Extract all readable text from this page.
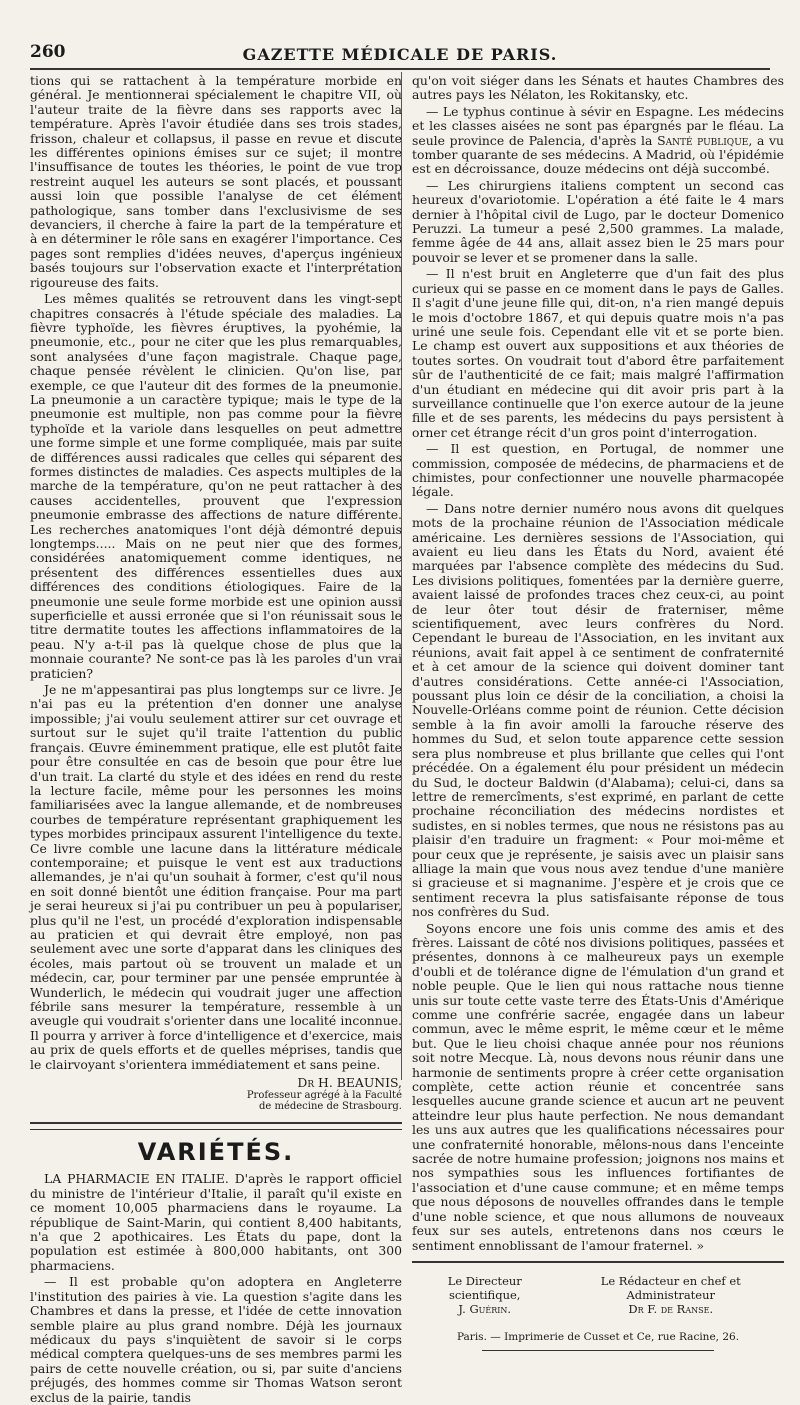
260	GAZETTE MÉDICALE DE PARIS.

tions qui se rattachent à la température morbide en général. Je mentionnerai spécialement le chapitre VII, où l'auteur traite de la fièvre dans ses rapports avec la température. Après l'avoir étudiée dans ses trois stades, frisson, chaleur et collapsus, il passe en revue et discute les différentes opinions émises sur ce sujet; il montre l'insuffisance de toutes les théories, le point de vue trop restreint auquel les auteurs se sont placés, et poussant aussi loin que possible l'analyse de cet élément pathologique, sans tomber dans l'exclusivisme de ses devanciers, il cherche à faire la part de la température et à en déterminer le rôle sans en exagérer l'importance. Ces pages sont remplies d'idées neuves, d'aperçus ingénieux basés toujours sur l'observation exacte et l'interprétation rigoureuse des faits.

Les mêmes qualités se retrouvent dans les vingt-sept chapitres consacrés à l'étude spéciale des maladies. La fièvre typhoïde, les fièvres éruptives, la pyohémie, la pneumonie, etc., pour ne citer que les plus remarquables, sont analysées d'une façon magistrale. Chaque page, chaque pensée révèlent le clinicien. Qu'on lise, par exemple, ce que l'auteur dit des formes de la pneumonie. La pneumonie a un caractère typique; mais le type de la pneumonie est multiple, non pas comme pour la fièvre typhoïde et la variole dans lesquelles on peut admettre une forme simple et une forme compliquée, mais par suite de différences aussi radicales que celles qui séparent des formes distinctes de maladies. Ces aspects multiples de la marche de la température, qu'on ne peut rattacher à des causes accidentelles, prouvent que l'expression pneumonie embrasse des affections de nature différente. Les recherches anatomiques l'ont déjà démontré depuis longtemps..... Mais on ne peut nier que des formes, considérées anatomiquement comme identiques, ne présentent des différences essentielles dues aux différences des conditions étiologiques. Faire de la pneumonie une seule forme morbide est une opinion aussi superficielle et aussi erronée que si l'on réunissait sous le titre dermatite toutes les affections inflammatoires de la peau. N'y a-t-il pas là quelque chose de plus que la monnaie courante? Ne sont-ce pas là les paroles d'un vrai praticien?

Je ne m'appesantirai pas plus longtemps sur ce livre. Je n'ai pas eu la prétention d'en donner une analyse impossible; j'ai voulu seulement attirer sur cet ouvrage et surtout sur le sujet qu'il traite l'attention du public français. Œuvre éminemment pratique, elle est plutôt faite pour être consultée en cas de besoin que pour être lue d'un trait. La clarté du style et des idées en rend du reste la lecture facile, même pour les personnes les moins familiarisées avec la langue allemande, et de nombreuses courbes de température représentant graphiquement les types morbides principaux assurent l'intelligence du texte. Ce livre comble une lacune dans la littérature médicale contemporaine; et puisque le vent est aux traductions allemandes, je n'ai qu'un souhait à former, c'est qu'il nous en soit donné bientôt une édition française. Pour ma part je serai heureux si j'ai pu contribuer un peu à populariser, plus qu'il ne l'est, un procédé d'exploration indispensable au praticien et qui devrait être employé, non pas seulement avec une sorte d'apparat dans les cliniques des écoles, mais partout où se trouvent un malade et un médecin, car, pour terminer par une pensée empruntée à Wunderlich, le médecin qui voudrait juger une affection fébrile sans mesurer la température, ressemble à un aveugle qui voudrait s'orienter dans une localité inconnue. Il pourra y arriver à force d'intelligence et d'exercice, mais au prix de quels efforts et de quelles méprises, tandis que le clairvoyant s'orientera immédiatement et sans peine.

Dr H. BEAUNIS,
Professeur agrégé à la Faculté
de médecine de Strasbourg.
VARIÉTÉS.

LA PHARMACIE EN ITALIE. D'après le rapport officiel du ministre de l'intérieur d'Italie, il paraît qu'il existe en ce moment 10,005 pharmaciens dans le royaume. La république de Saint-Marin, qui contient 8,400 habitants, n'a que 2 apothicaires. Les États du pape, dont la population est estimée à 800,000 habitants, ont 300 pharmaciens.

— Il est probable qu'on adoptera en Angleterre l'institution des pairies à vie. La question s'agite dans les Chambres et dans la presse, et l'idée de cette innovation semble plaire au plus grand nombre. Déjà les journaux médicaux du pays s'inquiètent de savoir si le corps médical comptera quelques-uns de ses membres parmi les pairs de cette nouvelle création, ou si, par suite d'anciens préjugés, des hommes comme sir Thomas Watson seront exclus de la pairie, tandis

qu'on voit siéger dans les Sénats et hautes Chambres des autres pays les Nélaton, les Rokitansky, etc.

— Le typhus continue à sévir en Espagne. Les médecins et les classes aisées ne sont pas épargnés par le fléau. La seule province de Palencia, d'après la Santé publique, a vu tomber quarante de ses médecins. A Madrid, où l'épidémie est en décroissance, douze médecins ont déjà succombé.

— Les chirurgiens italiens comptent un second cas heureux d'ovariotomie. L'opération a été faite le 4 mars dernier à l'hôpital civil de Lugo, par le docteur Domenico Peruzzi. La tumeur a pesé 2,500 grammes. La malade, femme âgée de 44 ans, allait assez bien le 25 mars pour pouvoir se lever et se promener dans la salle.

— Il n'est bruit en Angleterre que d'un fait des plus curieux qui se passe en ce moment dans le pays de Galles. Il s'agit d'une jeune fille qui, dit-on, n'a rien mangé depuis le mois d'octobre 1867, et qui depuis quatre mois n'a pas uriné une seule fois. Cependant elle vit et se porte bien. Le champ est ouvert aux suppositions et aux théories de toutes sortes. On voudrait tout d'abord être parfaitement sûr de l'authenticité de ce fait; mais malgré l'affirmation d'un étudiant en médecine qui dit avoir pris part à la surveillance continuelle que l'on exerce autour de la jeune fille et de ses parents, les médecins du pays persistent à orner cet étrange récit d'un gros point d'interrogation.

— Il est question, en Portugal, de nommer une commission, composée de médecins, de pharmaciens et de chimistes, pour confectionner une nouvelle pharmacopée légale.

— Dans notre dernier numéro nous avons dit quelques mots de la prochaine réunion de l'Association médicale américaine. Les dernières sessions de l'Association, qui avaient eu lieu dans les États du Nord, avaient été marquées par l'absence complète des médecins du Sud. Les divisions politiques, fomentées par la dernière guerre, avaient laissé de profondes traces chez ceux-ci, au point de leur ôter tout désir de fraterniser, même scientifiquement, avec leurs confrères du Nord. Cependant le bureau de l'Association, en les invitant aux réunions, avait fait appel à ce sentiment de confraternité et à cet amour de la science qui doivent dominer tant d'autres considérations. Cette année-ci l'Association, poussant plus loin ce désir de la conciliation, a choisi la Nouvelle-Orléans comme point de réunion. Cette décision semble à la fin avoir amolli la farouche réserve des hommes du Sud, et selon toute apparence cette session sera plus nombreuse et plus brillante que celles qui l'ont précédée. On a également élu pour président un médecin du Sud, le docteur Baldwin (d'Alabama); celui-ci, dans sa lettre de remercîments, s'est exprimé, en parlant de cette prochaine réconciliation des médecins nordistes et sudistes, en si nobles termes, que nous ne résistons pas au plaisir d'en traduire un fragment: « Pour moi-même et pour ceux que je représente, je saisis avec un plaisir sans alliage la main que vous nous avez tendue d'une manière si gracieuse et si magnanime. J'espère et je crois que ce sentiment recevra la plus satisfaisante réponse de tous nos confrères du Sud.

Soyons encore une fois unis comme des amis et des frères. Laissant de côté nos divisions politiques, passées et présentes, donnons à ce malheureux pays un exemple d'oubli et de tolérance digne de l'émulation d'un grand et noble peuple. Que le lien qui nous rattache nous tienne unis sur toute cette vaste terre des États-Unis d'Amérique comme une confrérie sacrée, engagée dans un labeur commun, avec le même esprit, le même cœur et le même but. Que le lieu choisi chaque année pour nos réunions soit notre Mecque. Là, nous devons nous réunir dans une harmonie de sentiments propre à créer cette organisation complète, cette action réunie et concentrée sans lesquelles aucune grande science et aucun art ne peuvent atteindre leur plus haute perfection. Ne nous demandant les uns aux autres que les qualifications nécessaires pour une confraternité honorable, mêlons-nous dans l'enceinte sacrée de notre humaine profession; joignons nos mains et nos sympathies sous les influences fortifiantes de l'association et d'une cause commune; et en même temps que nous déposons de nouvelles offrandes dans le temple d'une noble science, et que nous allumons de nouveaux feux sur ses autels, entretenons dans nos cœurs le sentiment ennoblissant de l'amour fraternel. »

Le Directeur scientifique,
J. Guérin.
Le Rédacteur en chef et Administrateur
Dr F. de Ranse.
Paris. — Imprimerie de Cusset et Ce, rue Racine, 26.
